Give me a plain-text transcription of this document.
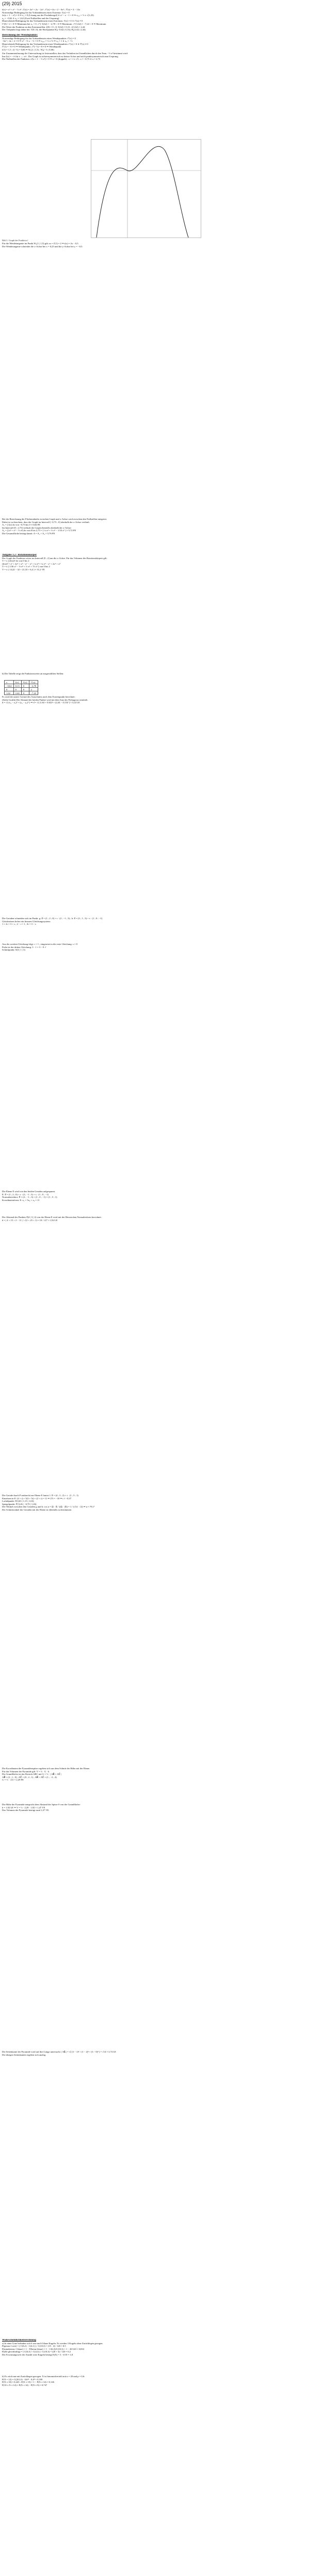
(29) 2015
Bild 1: Graph der Funktion f
x	f(x)	f′(x)	f″(x)
−0,62	0,13	0	−2,78
0	0	0	2
1,62	2,44	0	−7,22

f(x) = x³ + x² − ½ x⁴ ; f′(x) = 2x² + 2x − 2x³ ; f″(x) = 4x + 2 − 6x² ; f‴(x) = 4 − 12x

Notwendige Bedingung für das Vorhandensein eines Extrema: f′(x) = 0

2x(x + 1 − x²) = 0 ⇒ x₁ = 0 (Lösung aus der Produktregel) ∧ x² − x − 1 = 0 ⇒ x₂,₃ = ½ ± √(1,25)

x₂ = −0,62 ∧ x₃ = 1,62 (Zwei Nullstellen und der Ursprung)

Hinreichende Bedingung für das Vorhandensein eines Extremas: f′(x) = 0 ∧ f″(x) ≠ 0

f″(0) = 2 > 0 ⇒ Minimum bei x₁ = 0 ; f″(−0,62) = −2,78 < 0 ⇒ Maximum ; f″(1,62) = −7,22 < 0 ⇒ Maximum

Die Werte der Funktion an den Extremstellen: f(0) = 0 ; f(−0,62) = 0,13 ; f(1,62) = 2,44

Der Tiefpunkt liegt daher bei: T(0 | 0); die Hochpunkte H₁(−0,62 | 0,13); H₂(1,62 | 2,44)

Berechnung der Wendepunkte:

Notwendige Bedingung für das Vorhandensein eines Wendepunktes: f″(x) = 0

−6x² + 4x + 2 = 0 ⇒ x² − ⅔ x − ⅓ = 0 ⇒ x₄,₅ = ⅓ ± ⅔ ⇒ x₄ = 1 ∧ x₅ = −⅓

Hinreichende Bedingung für das Vorhandensein eines Wendepunktes: f″(x) = 0 ∧ f‴(x) ≠ 0

f‴(1) = −8 ≠ 0 ⇒ Wendepunkt ; f‴(−⅓) = 8 ≠ 0 ⇒ Wendepunkt

f(1) = 1,5 ; f(−⅓) = 0,06 ⇒ W₁(1 | 1,5) ; W₂(−⅓ | 0,06)

Zur Zusammenfassung der Untersuchung ist festzustellen, dass das Verhalten im Unendlichen durch den Term −½ x⁴ bestimmt wird:

lim f(x) = −∞ für x → ±∞ . Der Graph ist achsensymmetrisch zu keiner Achse und nicht punktsymmetrisch zum Ursprung.

Die Nullstellen der Funktion: x²(x + 1 − ½ x²) = 0 ⇒ x = 0 (doppelt) ; x = 1 ± √3 ; x ≈ −0,73 ∧ x ≈ 2,73

Für die Wendetangente im Punkt W₁(1 | 1,5) gilt: m = f′(1) = 2 ⇒ t(x) = 2x − 0,5

Die Wendetangente schneidet die x-Achse bei x = 0,25 und die y-Achse bei y = −0,5.

Bei der Berechnung der Flächeninhalte zwischen Graph und x-Achse wird zwischen den Nullstellen integriert.

Dabei ist zu beachten, dass der Graph im Intervall [−0,73 ; 0] oberhalb der x-Achse verläuft.

A₁ = ∫ f(x) dx von −0,73 bis 0 ≈ 0,04 FE

Im Intervall [0 ; 2,73] verläuft der Graph ebenfalls oberhalb der x-Achse:

A₂ = ∫ (x³ + x² − ½ x⁴) dx von 0 bis 2,73 = [ ¼ x⁴ + ⅓ x³ − 1/10 x⁵ ] ≈ 5,72 FE

Die Gesamtfläche beträgt damit: A = A₁ + A₂ ≈ 5,76 FE

Aufgabe 1.2 / Rotationskörper

Der Graph der Funktion rotiert im Intervall [0 ; 2] um die x-Achse. Für das Volumen des Rotationskörpers gilt:

V = π ∫ (f(x))² dx von 0 bis 2

(f(x))² = x⁶ + 2x⁵ + x⁴ − x⁷ − x⁶ + ¼ x⁸ = ¼ x⁸ − x⁷ + 2x⁵ + x⁴

V = π [ 1/36 x⁹ − ⅛ x⁸ + ⅓ x⁶ + ⅕ x⁵ ] von 0 bis 2

V = π ( 14,22 − 32 + 21,33 + 6,4 ) ≈ 31,2 VE

b) Die Tabelle zeigt die Funktionswerte an ausgewählten Stellen:

Es wird die untere Grenze des Ausschnitts nach dem Extrempunkt berechnet:

(Siehe Grafik) Der Abstand der beiden Punkte wird mit dem Satz des Pythagoras ermittelt.

d = √( (x₂ − x₁)² + (y₂ − y₁)² ) ⇒ d = √( (1,62 + 0,62)² + (2,44 − 0,13)² ) ≈ 3,22 LE

Die Geraden schneiden sich im Punkt: g: x⃗ = (1 ; 2 ; 0) + r · (2 ; −1 ; 3) ; h: x⃗ = (3 ; 1 ; 3) + s · (1 ; 0 ; −1)

Gleichsetzen liefert ein lineares Gleichungssystem:

1 + 2r = 3 + s ; 2 − r = 1 ; 3r = 3 − s

Aus der zweiten Gleichung folgt: r = 1 ; eingesetzt in die erste Gleichung: s = 0

Probe in der dritten Gleichung: 3 · 1 = 3 − 0 ✓

Schnittpunkt: S(3 | 1 | 3)

Die Ebene E wird von den beiden Geraden aufgespannt.

E: x⃗ = (1 ; 2 ; 0) + r · (2 ; −1 ; 3) + s · (1 ; 0 ; −1)

Normalenvektor: n⃗ = (2 ; −1 ; 3) × (1 ; 0 ; −1) = (1 ; 5 ; 1)

Koordinatenform: E: x₁ + 5x₂ + x₃ = 11

Der Abstand des Punktes P(4 | 3 | 2) von der Ebene E wird mit der Hesseschen Normalenform berechnet:

d = | 4 + 15 + 2 − 11 | / √(1 + 25 + 1) = 10 / √27 ≈ 1,92 LE

Die Gerade durch P senkrecht zur Ebene E lautet: l: x⃗ = (4 ; 3 ; 2) + t · (1 ; 5 ; 1)

Einsetzen in E: (4 + t) + 5(3 + 5t) + (2 + t) = 11 ⇒ 27t = −10 ⇒ t ≈ −0,37

Lotfußpunkt: F(3,63 | 1,15 | 1,63)

Spiegelpunkt: P′(3,26 | −0,70 | 1,26)

Der Winkel zwischen den Geraden g und h: cos α = |u⃗ · v⃗| / (|u⃗| · |v⃗|) = 1 / (√14 · √2) ⇒ α ≈ 79,1°

Der Schnittwinkel der Geraden mit der Ebene ist ebenfalls zu bestimmen.

Die Koordinaten der Pyramidenspitze ergeben sich aus dem Schnitt der Höhe mit der Ebene.

Für das Volumen der Pyramide gilt: V = ⅓ · G · h

Die Grundfläche ist das Dreieck ABC mit G = ½ · | AB⃗ × AC⃗ |

AB⃗ = (2 ; 1 ; 0) ; AC⃗ = (0 ; 2 ; 1) ; AB⃗ × AC⃗ = (1 ; −2 ; 4)

G = ½ · √21 ≈ 2,29 FE

Die Höhe der Pyramide entspricht dem Abstand der Spitze S von der Grundfläche:

h = 1,92 LE ⇒ V = ⅓ · 2,29 · 1,92 ≈ 1,47 VE

Das Volumen der Pyramide beträgt rund 1,47 VE.

Die Seitenkante der Pyramide wird auf ihre Länge untersucht: | SA⃗ | = √( (3 − 1)² + (1 − 2)² + (3 − 0)² ) = √14 ≈ 3,74 LE

Die übrigen Seitenkanten ergeben sich analog.

Wahrscheinlichkeitsrechnung

a) In einer Urne befinden sich 6 rote und 4 blaue Kugeln. Es werden 3 Kugeln ohne Zurücklegen gezogen.

P(genau 2 rote) = ( C(6,2) · C(4,1) ) / C(10,3) = (15 · 4) / 120 = 0,5

P(mindestens 1 blaue) = 1 − P(keine blaue) = 1 − C(6,3)/C(10,3) = 1 − 20/120 ≈ 0,833

P(alle gleichfarbig) = ( C(6,3) + C(4,3) ) / C(10,3) = (20 + 4) / 120 = 0,2

Der Erwartungswert der Anzahl roter Kugeln beträgt E(X) = 3 · 6/10 = 1,8

b) Es wird nun mit Zurücklegen gezogen. X ist binomialverteilt mit n = 20 und p = 0,6:

P(X = 12) = C(20,12) · 0,6¹² · 0,4⁸ ≈ 0,180

P(X ≤ 10) ≈ 0,245 ; P(X ≥ 15) = 1 − P(X ≤ 14) ≈ 0,126

P(10 ≤ X ≤ 14) = P(X ≤ 14) − P(X ≤ 9) ≈ 0,747
